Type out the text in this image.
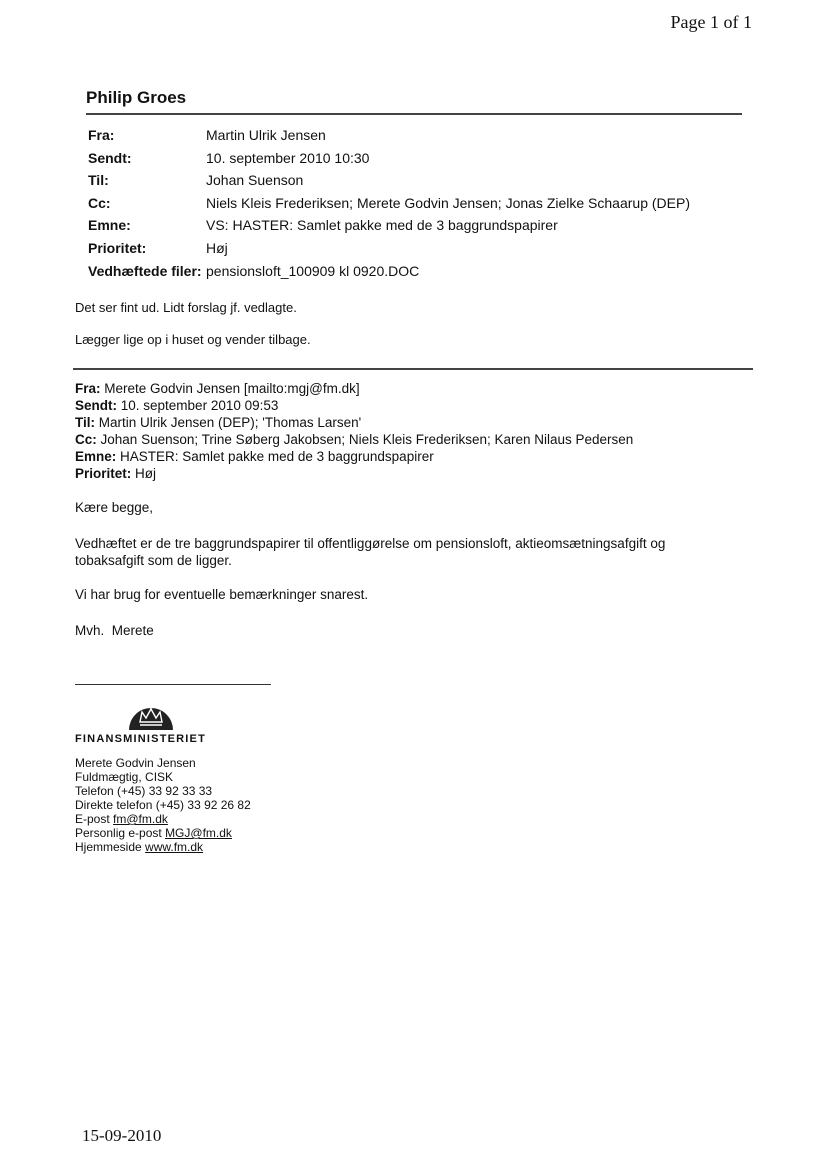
Page 1 of 1
Philip Groes
Fra:	Martin Ulrik Jensen
Sendt:	10. september 2010 10:30
Til:	Johan Suenson
Cc:	Niels Kleis Frederiksen; Merete Godvin Jensen; Jonas Zielke Schaarup (DEP)
Emne:	VS: HASTER: Samlet pakke med de 3 baggrundspapirer
Prioritet:	Høj
Vedhæftede filer: pensionsloft_100909 kl 0920.DOC
Det ser fint ud. Lidt forslag jf. vedlagte.
Lægger lige op i huset og vender tilbage.
Fra: Merete Godvin Jensen [mailto:mgj@fm.dk]
Sendt: 10. september 2010 09:53
Til: Martin Ulrik Jensen (DEP); 'Thomas Larsen'
Cc: Johan Suenson; Trine Søberg Jakobsen; Niels Kleis Frederiksen; Karen Nilaus Pedersen
Emne: HASTER: Samlet pakke med de 3 baggrundspapirer
Prioritet: Høj
Kære begge,
Vedhæftet er de tre baggrundspapirer til offentliggørelse om pensionsloft, aktieomsætningsafgift og tobaksafgift som de ligger.
Vi har brug for eventuelle bemærkninger snarest.
Mvh.  Merete
FINANSMINISTERIET
Merete Godvin Jensen
Fuldmægtig, CISK
Telefon (+45) 33 92 33 33
Direkte telefon (+45) 33 92 26 82
E-post fm@fm.dk
Personlig e-post MGJ@fm.dk
Hjemmeside www.fm.dk
15-09-2010
